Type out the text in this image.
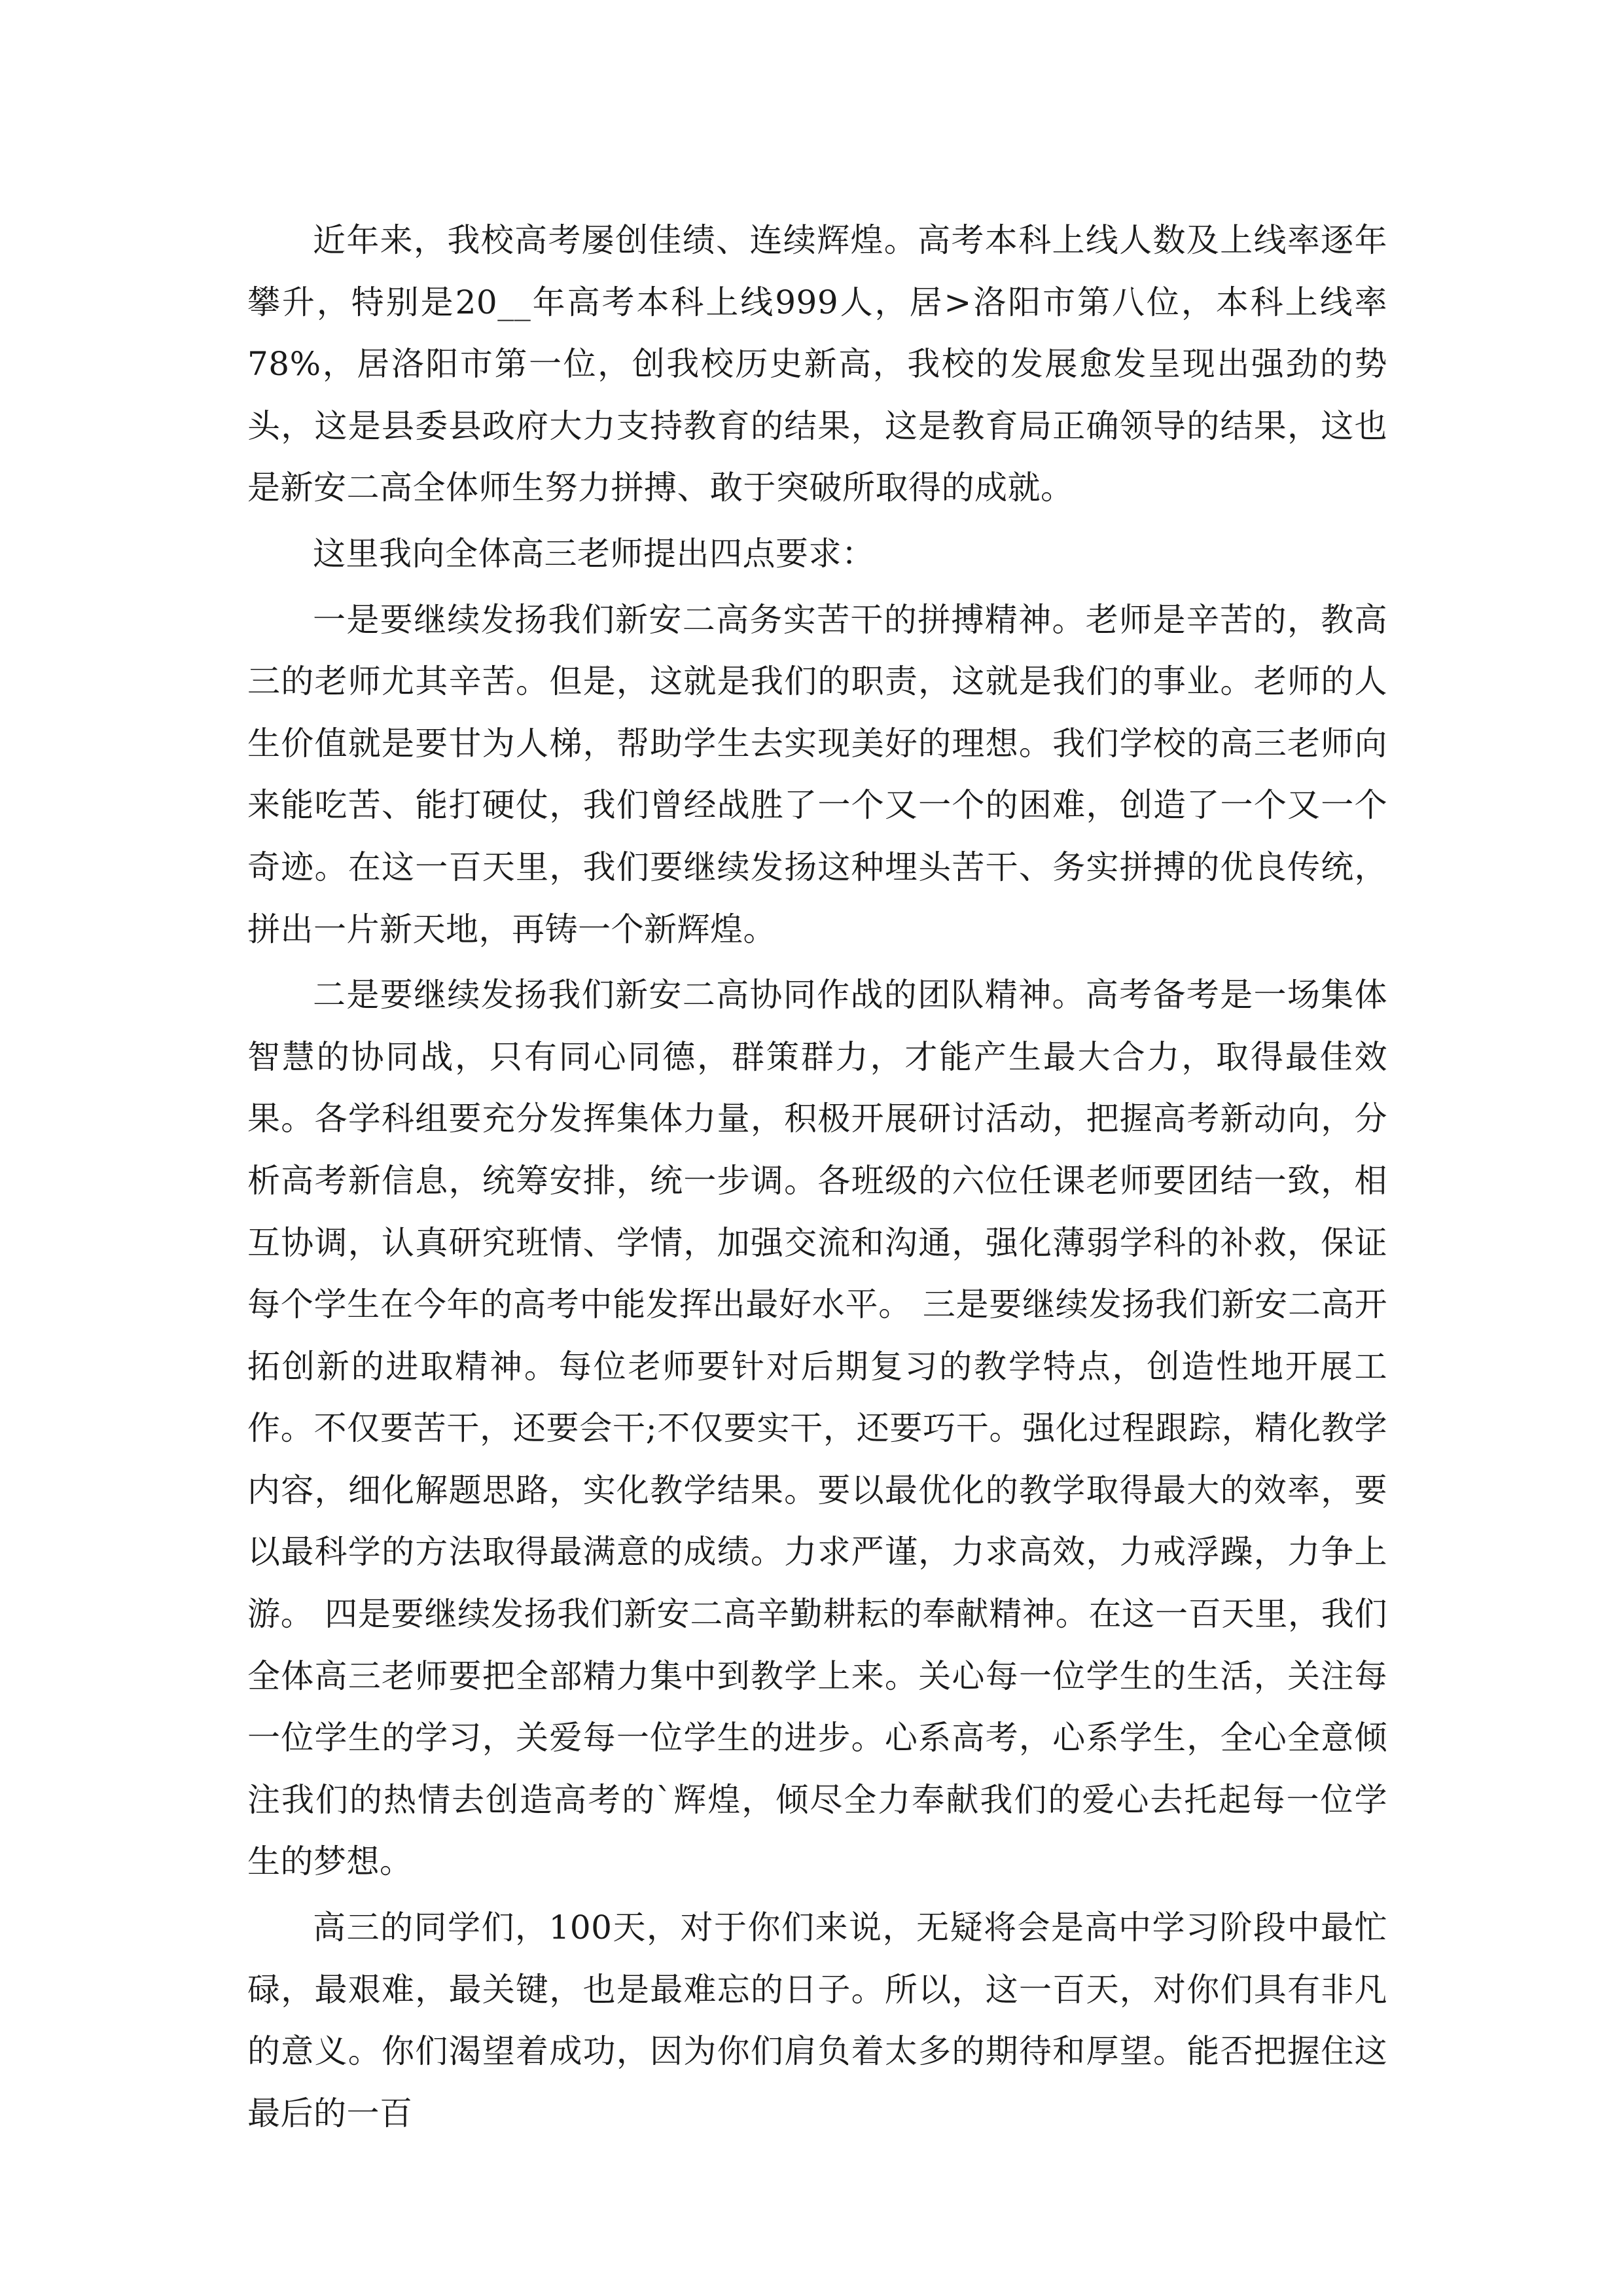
近年来，我校高考屡创佳绩、连续辉煌。高考本科上线人数及上线率逐年攀升，特别是20__年高考本科上线999人，居>洛阳市第八位，本科上线率78%，居洛阳市第一位，创我校历史新高，我校的发展愈发呈现出强劲的势头，这是县委县政府大力支持教育的结果，这是教育局正确领导的结果，这也是新安二高全体师生努力拼搏、敢于突破所取得的成就。

这里我向全体高三老师提出四点要求：

一是要继续发扬我们新安二高务实苦干的拼搏精神。老师是辛苦的，教高三的老师尤其辛苦。但是，这就是我们的职责，这就是我们的事业。老师的人生价值就是要甘为人梯，帮助学生去实现美好的理想。我们学校的高三老师向来能吃苦、能打硬仗，我们曾经战胜了一个又一个的困难，创造了一个又一个奇迹。在这一百天里，我们要继续发扬这种埋头苦干、务实拼搏的优良传统，拼出一片新天地，再铸一个新辉煌。

二是要继续发扬我们新安二高协同作战的团队精神。高考备考是一场集体智慧的协同战，只有同心同德，群策群力，才能产生最大合力，取得最佳效果。各学科组要充分发挥集体力量，积极开展研讨活动，把握高考新动向，分析高考新信息，统筹安排，统一步调。各班级的六位任课老师要团结一致，相互协调，认真研究班情、学情，加强交流和沟通，强化薄弱学科的补救，保证每个学生在今年的高考中能发挥出最好水平。 三是要继续发扬我们新安二高开拓创新的进取精神。每位老师要针对后期复习的教学特点，创造性地开展工作。不仅要苦干，还要会干;不仅要实干，还要巧干。强化过程跟踪，精化教学内容，细化解题思路，实化教学结果。要以最优化的教学取得最大的效率，要以最科学的方法取得最满意的成绩。力求严谨，力求高效，力戒浮躁，力争上游。 四是要继续发扬我们新安二高辛勤耕耘的奉献精神。在这一百天里，我们全体高三老师要把全部精力集中到教学上来。关心每一位学生的生活，关注每一位学生的学习，关爱每一位学生的进步。心系高考，心系学生，全心全意倾注我们的热情去创造高考的`辉煌，倾尽全力奉献我们的爱心去托起每一位学生的梦想。

高三的同学们，100天，对于你们来说，无疑将会是高中学习阶段中最忙碌，最艰难，最关键，也是最难忘的日子。所以，这一百天，对你们具有非凡的意义。你们渴望着成功，因为你们肩负着太多的期待和厚望。能否把握住这最后的一百
